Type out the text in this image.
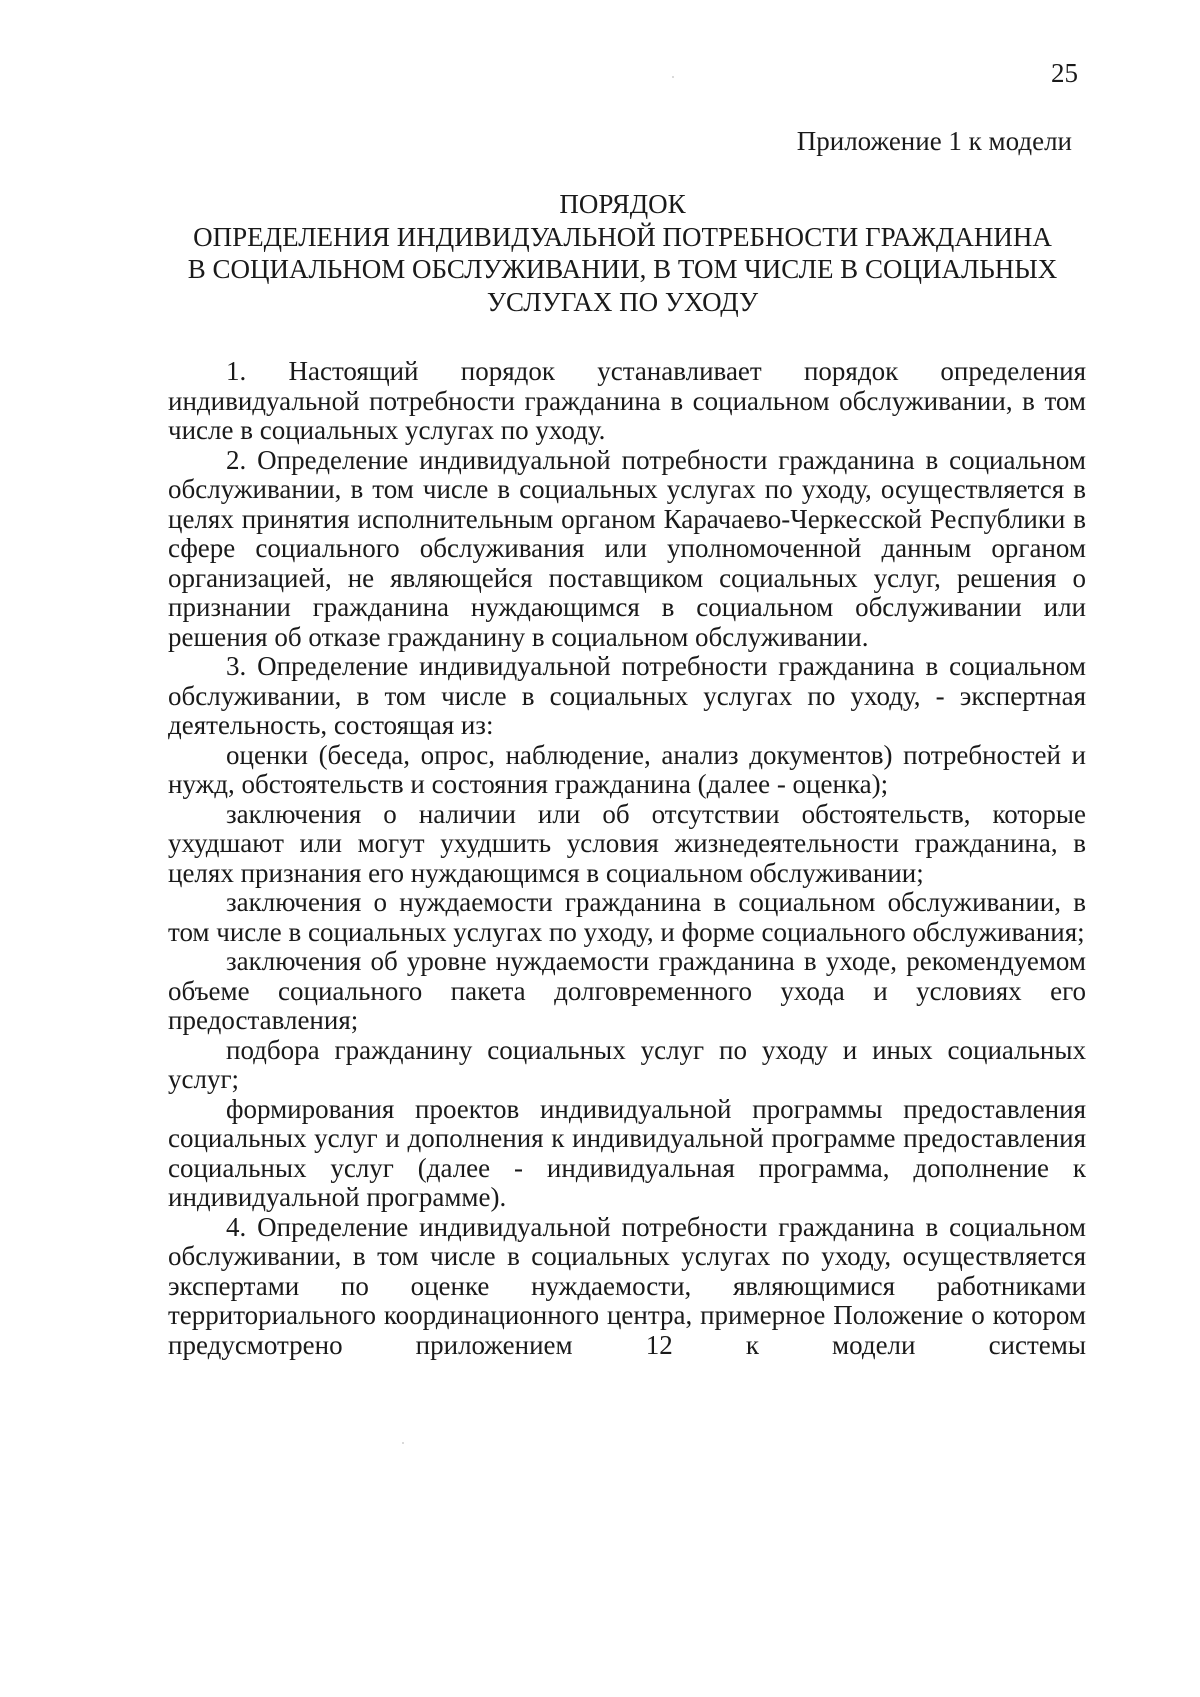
25
Приложение 1 к модели
ПОРЯДОК
ОПРЕДЕЛЕНИЯ ИНДИВИДУАЛЬНОЙ ПОТРЕБНОСТИ ГРАЖДАНИНА
В СОЦИАЛЬНОМ ОБСЛУЖИВАНИИ, В ТОМ ЧИСЛЕ В СОЦИАЛЬНЫХ
УСЛУГАХ ПО УХОДУ

1. Настоящий порядок устанавливает порядок определения индивидуальной потребности гражданина в социальном обслуживании, в том числе в социальных услугах по уходу.

2. Определение индивидуальной потребности гражданина в социальном обслуживании, в том числе в социальных услугах по уходу, осуществляется в целях принятия исполнительным органом Карачаево-Черкесской Республики в сфере социального обслуживания или уполномоченной данным органом организацией, не являющейся поставщиком социальных услуг, решения о признании гражданина нуждающимся в социальном обслуживании или решения об отказе гражданину в социальном обслуживании.

3. Определение индивидуальной потребности гражданина в социальном обслуживании, в том числе в социальных услугах по уходу, - экспертная деятельность, состоящая из:

оценки (беседа, опрос, наблюдение, анализ документов) потребностей и нужд, обстоятельств и состояния гражданина (далее - оценка);

заключения о наличии или об отсутствии обстоятельств, которые ухудшают или могут ухудшить условия жизнедеятельности гражданина, в целях признания его нуждающимся в социальном обслуживании;

заключения о нуждаемости гражданина в социальном обслуживании, в том числе в социальных услугах по уходу, и форме социального обслуживания;

заключения об уровне нуждаемости гражданина в уходе, рекомендуемом объеме социального пакета долговременного ухода и условиях его предоставления;

подбора гражданину социальных услуг по уходу и иных социальных услуг;

формирования проектов индивидуальной программы предоставления социальных услуг и дополнения к индивидуальной программе предоставления социальных услуг (далее - индивидуальная программа, дополнение к индивидуальной программе).

4. Определение индивидуальной потребности гражданина в социальном обслуживании, в том числе в социальных услугах по уходу, осуществляется экспертами по оценке нуждаемости, являющимися работниками территориального координационного центра, примерное Положение о котором предусмотрено приложением 12 к модели системы
